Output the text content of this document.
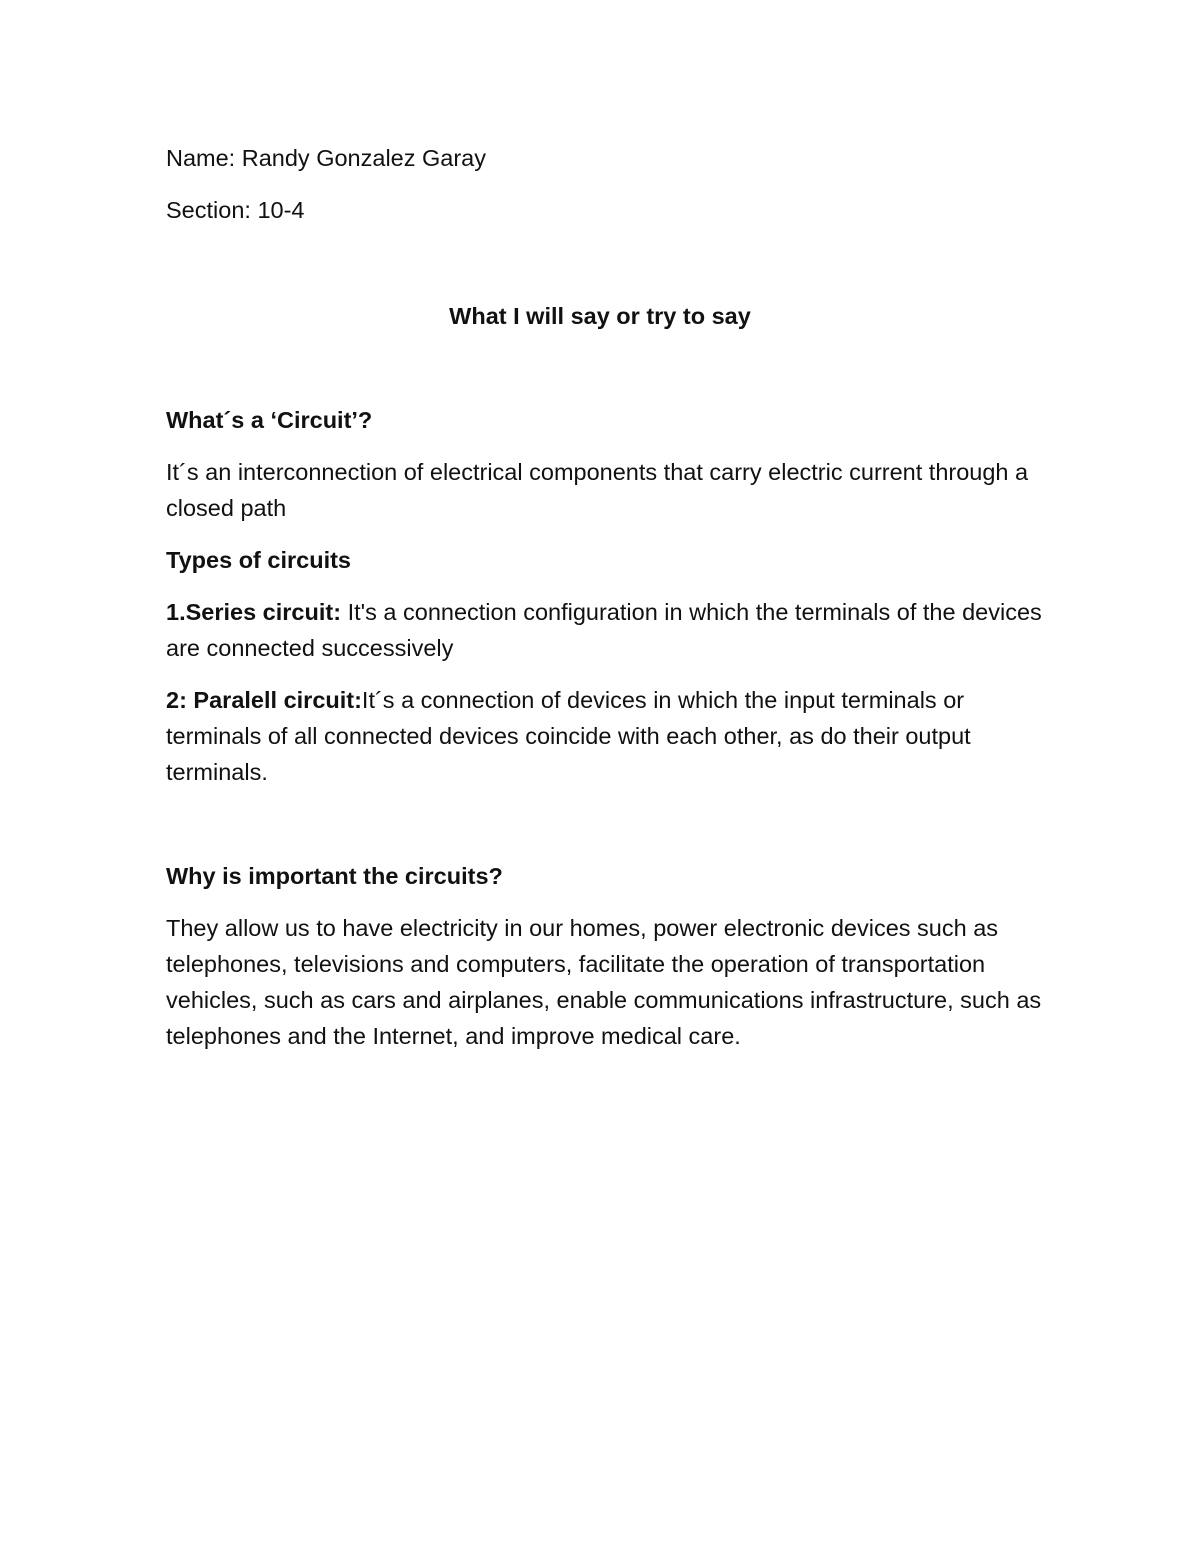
Name: Randy Gonzalez Garay

Section: 10-4

What I will say or try to say

What´s a ‘Circuit’?

It´s an interconnection of electrical components that carry electric current through a closed path

Types of circuits

1.Series circuit: It's a connection configuration in which the terminals of the devices are connected successively

2: Paralell circuit:It´s a connection of devices in which the input terminals or terminals of all connected devices coincide with each other, as do their output terminals.

Why is important the circuits?

They allow us to have electricity in our homes, power electronic devices such as telephones, televisions and computers, facilitate the operation of transportation vehicles, such as cars and airplanes, enable communications infrastructure, such as telephones and the Internet, and improve medical care.
